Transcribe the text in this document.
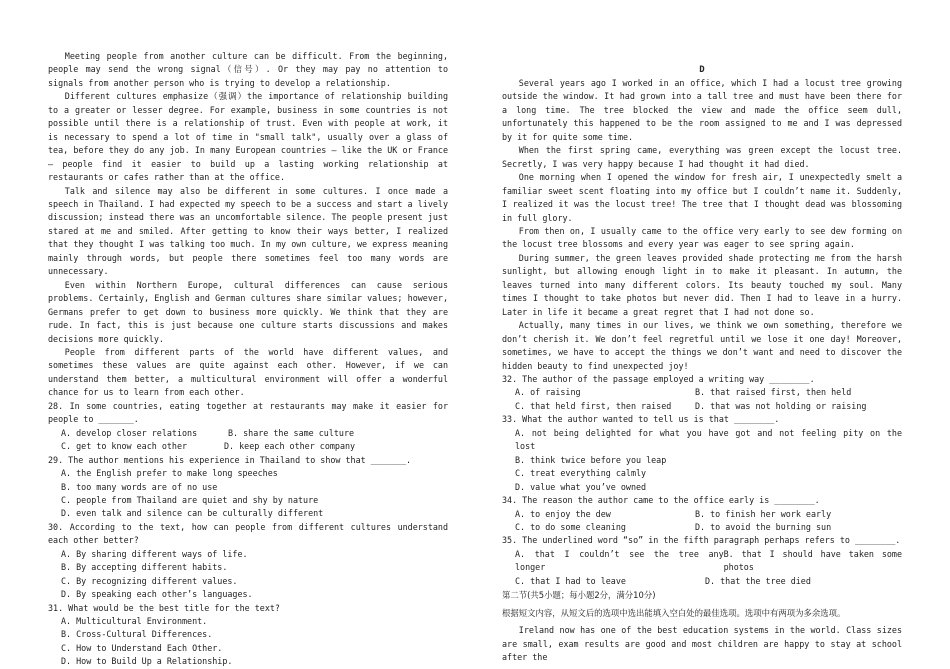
Meeting people from another culture can be difficult. From the beginning, people may send the wrong signal（信号）. Or they may pay no attention to signals from another person who is trying to develop a relationship.

Different cultures emphasize（强调）the importance of relationship building to a greater or lesser degree. For example, business in some countries is not possible until there is a relationship of trust. Even with people at work, it is necessary to spend a lot of time in "small talk", usually over a glass of tea, before they do any job. In many European countries — like the UK or France — people find it easier to build up a lasting working relationship at restaurants or cafes rather than at the office.

Talk and silence may also be different in some cultures. I once made a speech in Thailand. I had expected my speech to be a success and start a lively discussion; instead there was an uncomfortable silence. The people present just stared at me and smiled. After getting to know their ways better, I realized that they thought I was talking too much. In my own culture, we express meaning mainly through words, but people there sometimes feel too many words are unnecessary.

Even within Northern Europe, cultural differences can cause serious problems. Certainly, English and German cultures share similar values; however, Germans prefer to get down to business more quickly. We think that they are rude. In fact, this is just because one culture starts discussions and makes decisions more quickly.

People from different parts of the world have different values, and sometimes these values are quite against each other. However, if we can understand them better, a multicultural environment will offer a wonderful chance for us to learn from each other.

28. In some countries, eating together at restaurants may make it easier for people to _______.

A. develop closer relations	B. share the same culture
C. get to know each other	D. keep each other company

29. The author mentions his experience in Thailand to show that _______.

A. the English prefer to make long speeches

B. too many words are of no use

C. people from Thailand are quiet and shy by nature

D. even talk and silence can be culturally different

30. According to the text, how can people from different cultures understand each other better?

A. By sharing different ways of life.

B. By accepting different habits.

C. By recognizing different values.

D. By speaking each other’s languages.

31. What would be the best title for the text?

A. Multicultural Environment.

B. Cross-Cultural Differences.

C. How to Understand Each Other.

D. How to Build Up a Relationship.

D

Several years ago I worked in an office, which I had a locust tree growing outside the window. It had grown into a tall tree and must have been there for a long time. The tree blocked the view and made the office seem dull, unfortunately this happened to be the room assigned to me and I was depressed by it for quite some time.

When the first spring came, everything was green except the locust tree. Secretly, I was very happy because I had thought it had died.

One morning when I opened the window for fresh air, I unexpectedly smelt a familiar sweet scent floating into my office but I couldn’t name it. Suddenly, I realized it was the locust tree! The tree that I thought dead was blossoming in full glory.

From then on, I usually came to the office very early to see dew forming on the locust tree blossoms and every year was eager to see spring again.

During summer, the green leaves provided shade protecting me from the harsh sunlight, but allowing enough light in to make it pleasant. In autumn, the leaves turned into many different colors. Its beauty touched my soul. Many times I thought to take photos but never did. Then I had to leave in a hurry. Later in life it became a great regret that I had not done so.

Actually, many times in our lives, we think we own something, therefore we don’t cherish it. We don’t feel regretful until we lose it one day! Moreover, sometimes, we have to accept the things we don’t want and need to discover the hidden beauty to find unexpected joy!

32. The author of the passage employed a writing way ________.

A. of raising	B. that raised first, then held
C. that held first, then raised	D. that was not holding or raising

33. What the author wanted to tell us is that ________.

A. not being delighted for what you have got and not feeling pity on the lost

B. think twice before you leap

C. treat everything calmly

D. value what you’ve owned

34. The reason the author came to the office early is ________.

A. to enjoy the dew	B. to finish her work early
C. to do some cleaning	D. to avoid the burning sun

35. The underlined word “so” in the fifth paragraph perhaps refers to ________.

A. that I couldn’t see the tree any longer
B. that I should have taken some photos
C. that I had to leave	D. that the tree died

第二节(共5小题；每小题2分，满分10分)

根据短文内容，从短文后的选项中选出能填入空白处的最佳选项。选项中有两项为多余选项。

Ireland now has one of the best education systems in the world. Class sizes are small, exam results are good and most children are happy to stay at school after the
